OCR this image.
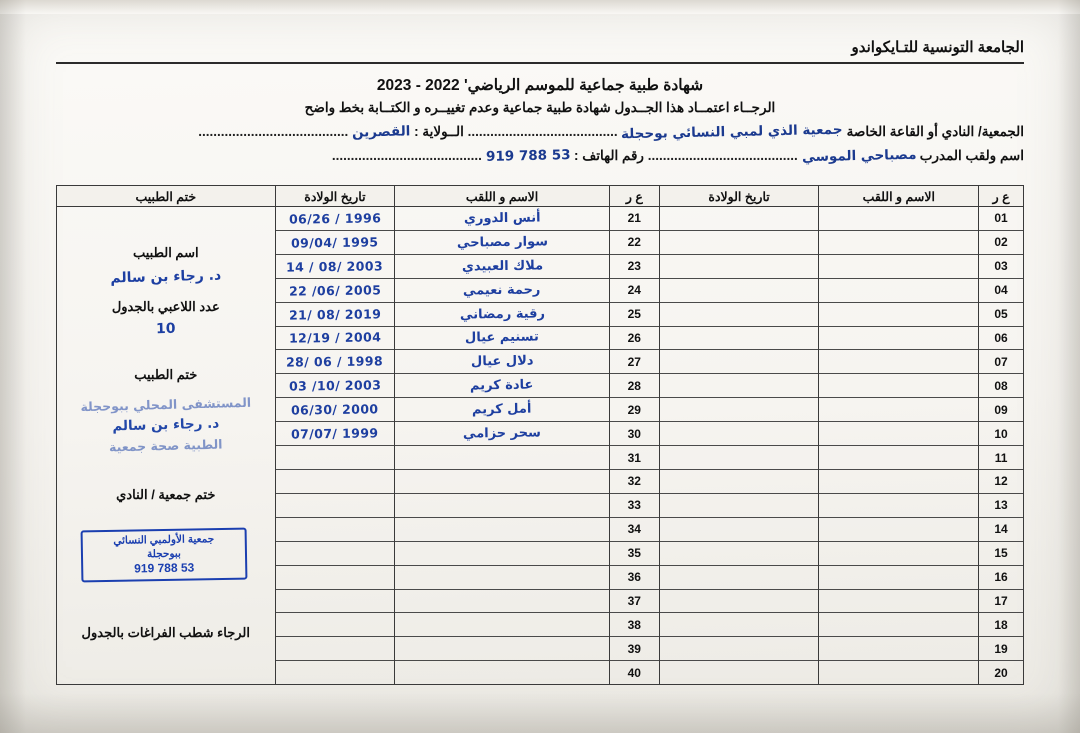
الجامعة التونسية للتـايكواندو
شهادة طبية جماعية للموسم الرياضي' 2022 - 2023
الرجــاء اعتمــاد هذا الجــدول شهادة طبية جماعية وعدم تغييــره و الكتــابة بخط واضح
الجمعية/ النادي أو القاعة الخاصة جمعية الذي لمبي النسائي بوحجلة ........................................ الــولاية : القصرين ........................................
اسم ولقب المدرب مصباحي الموسي ........................................ رقم الهاتف : 53 788 919 ........................................
ع ر
الاسم و اللقب
تاريخ الولادة
ع ر
الاسم و اللقب
تاريخ الولادة
ختم الطبيب
01
02
03
04
05
06
07
08
09
10
11
12
13
14
15
16
17
18
19
20
21
22
23
24
25
26
27
28
29
30
31
32
33
34
35
36
37
38
39
40
أنس الدوري
سوار مصباحي
ملاك العبيدي
رحمة نعيمي
رقية رمضاني
تسنيم عيال
دلال عيال
عادة كريم
أمل كريم
سحر حزامي
1996 / 06/26
1995 /09/04
2003 /08 / 14
2005 /06/ 22
2019 /08 /21
2004 / 12/19
1998 / 06 /28
2003 /10/ 03
2000 /06/30
1999 /07/07
اسم الطبيب
د. رجاء بن سالم
عدد اللاعبي بالجدول
10
ختم الطبيب
المستشفى المحلي ببوحجلة
د. رجاء بن سالم
الطبية صحة جمعية
ختم جمعية / النادي
جمعية الأولمبي النسائي
ببوحجلة
53 788 919
الرجاء شطب الفراغات بالجدول
